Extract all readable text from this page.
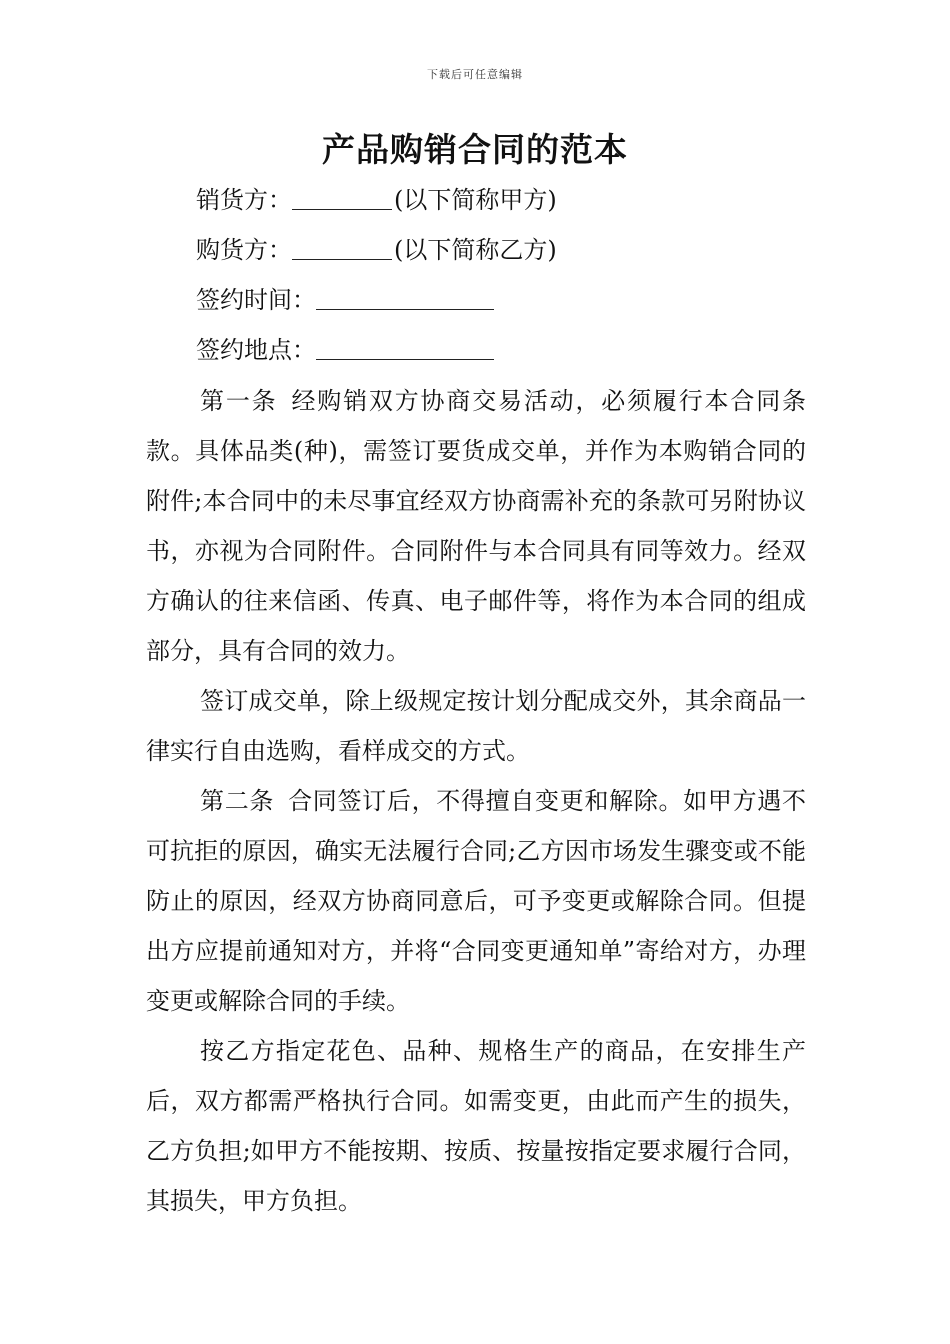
下载后可任意编辑
产品购销合同的范本
销货方：	(以下简称甲方)
购货方：	(以下简称乙方)
签约时间：
签约地点：

第一条 经购销双方协商交易活动，必须履行本合同条款。具体品类(种)，需签订要货成交单，并作为本购销合同的附件;本合同中的未尽事宜经双方协商需补充的条款可另附协议书，亦视为合同附件。合同附件与本合同具有同等效力。经双方确认的往来信函、传真、电子邮件等，将作为本合同的组成部分，具有合同的效力。

签订成交单，除上级规定按计划分配成交外，其余商品一律实行自由选购，看样成交的方式。

第二条 合同签订后，不得擅自变更和解除。如甲方遇不可抗拒的原因，确实无法履行合同;乙方因市场发生骤变或不能防止的原因，经双方协商同意后，可予变更或解除合同。但提出方应提前通知对方，并将“合同变更通知单”寄给对方，办理变更或解除合同的手续。

按乙方指定花色、品种、规格生产的商品，在安排生产后，双方都需严格执行合同。如需变更，由此而产生的损失，乙方负担;如甲方不能按期、按质、按量按指定要求履行合同，其损失，甲方负担。
